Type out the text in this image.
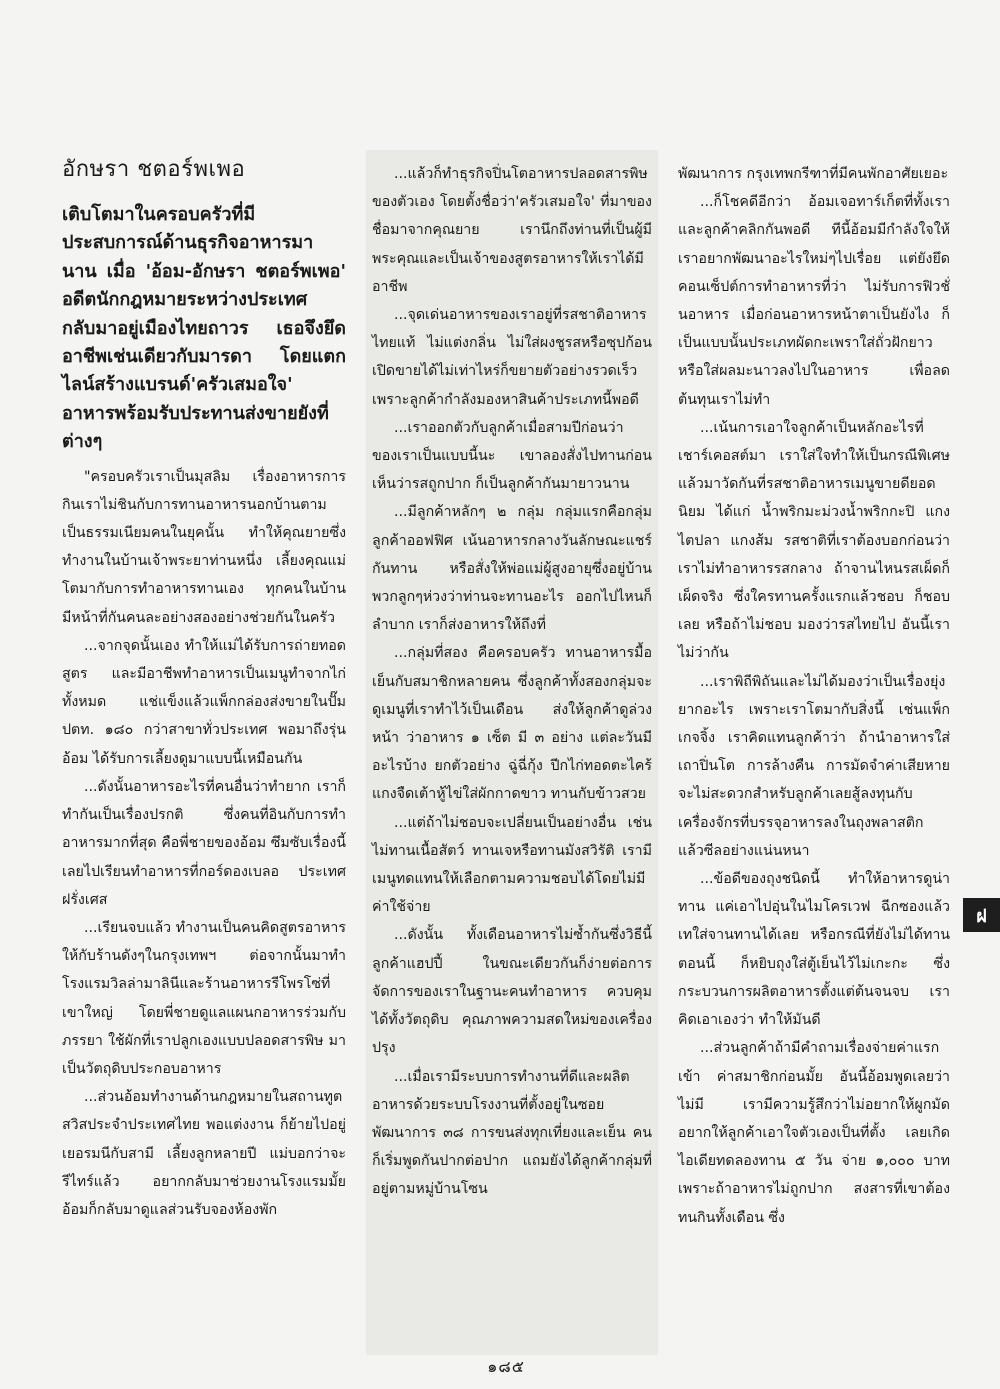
อักษรา ชตอร์พเพอ
เติบโตมาในครอบครัวที่มีประสบการณ์ด้านธุรกิจอาหารมานาน เมื่อ 'อ้อม-อักษรา ชตอร์พเพอ' อดีตนักกฎหมายระหว่างประเทศ กลับมาอยู่เมืองไทยถาวร เธอจึงยึดอาชีพเช่นเดียวกับมารดา โดยแตกไลน์สร้างแบรนด์'ครัวเสมอใจ' อาหารพร้อมรับประทานส่งขายยังที่ต่างๆ

"ครอบครัวเราเป็นมุสลิม เรื่องอาหารการกินเราไม่ชินกับการทานอาหารนอกบ้านตามเป็นธรรมเนียมคนในยุคนั้น ทำให้คุณยายซึ่งทำงานในบ้านเจ้าพระยาท่านหนึ่ง เลี้ยงคุณแม่โตมากับการทำอาหารทานเอง ทุกคนในบ้านมีหน้าที่กันคนละอย่างสองอย่างช่วยกันในครัว

...จากจุดนั้นเอง ทำให้แม่ได้รับการถ่ายทอดสูตร และมีอาชีพทำอาหารเป็นเมนูทำจากไก่ทั้งหมด แช่แข็งแล้วแพ็กกล่องส่งขายในปั๊มปตท. ๑๘๐ กว่าสาขาทั่วประเทศ พอมาถึงรุ่นอ้อม ได้รับการเลี้ยงดูมาแบบนี้เหมือนกัน

...ดังนั้นอาหารอะไรที่คนอื่นว่าทำยาก เราก็ทำกันเป็นเรื่องปรกติ ซึ่งคนที่อินกับการทำอาหารมากที่สุด คือพี่ชายของอ้อม ซึมซับเรื่องนี้ เลยไปเรียนทำอาหารที่กอร์ดองเบลอ ประเทศฝรั่งเศส

...เรียนจบแล้ว ทำงานเป็นคนคิดสูตรอาหารให้กับร้านดังๆในกรุงเทพฯ ต่อจากนั้นมาทำโรงแรมวิลล่ามาลินีและร้านอาหารรีโพรโซ่ที่เขาใหญ่ โดยพี่ชายดูแลแผนกอาหารร่วมกับภรรยา ใช้ผักที่เราปลูกเองแบบปลอดสารพิษ มาเป็นวัตถุดิบประกอบอาหาร

...ส่วนอ้อมทำงานด้านกฎหมายในสถานทูตสวิสประจำประเทศไทย พอแต่งงาน ก็ย้ายไปอยู่เยอรมนีกับสามี เลี้ยงลูกหลายปี แม่บอกว่าจะรีไทร์แล้ว อยากกลับมาช่วยงานโรงแรมมั้ย อ้อมก็กลับมาดูแลส่วนรับจองห้องพัก

...แล้วก็ทำธุรกิจปิ่นโตอาหารปลอดสารพิษของตัวเอง โดยตั้งชื่อว่า'ครัวเสมอใจ' ที่มาของชื่อมาจากคุณยาย เรานึกถึงท่านที่เป็นผู้มีพระคุณและเป็นเจ้าของสูตรอาหารให้เราได้มีอาชีพ

...จุดเด่นอาหารของเราอยู่ที่รสชาติอาหารไทยแท้ ไม่แต่งกลิ่น ไม่ใส่ผงชูรสหรือซุปก้อน เปิดขายได้ไม่เท่าไหร่ก็ขยายตัวอย่างรวดเร็ว เพราะลูกค้ากำลังมองหาสินค้าประเภทนี้พอดี

...เราออกตัวกับลูกค้าเมื่อสามปีก่อนว่า ของเราเป็นแบบนี้นะ เขาลองสั่งไปทานก่อน เห็นว่ารสถูกปาก ก็เป็นลูกค้ากันมายาวนาน

...มีลูกค้าหลักๆ ๒ กลุ่ม กลุ่มแรกคือกลุ่มลูกค้าออฟฟิศ เน้นอาหารกลางวันลักษณะแชร์กันทาน หรือสั่งให้พ่อแม่ผู้สูงอายุซึ่งอยู่บ้าน พวกลูกๆห่วงว่าท่านจะทานอะไร ออกไปไหนก็ลำบาก เราก็ส่งอาหารให้ถึงที่

...กลุ่มที่สอง คือครอบครัว ทานอาหารมื้อเย็นกับสมาชิกหลายคน ซึ่งลูกค้าทั้งสองกลุ่มจะดูเมนูที่เราทำไว้เป็นเดือน ส่งให้ลูกค้าดูล่วงหน้า ว่าอาหาร ๑ เซ็ต มี ๓ อย่าง แต่ละวันมีอะไรบ้าง ยกตัวอย่าง ฉู่ฉี่กุ้ง ปีกไก่ทอดตะไคร้ แกงจืดเต้าหู้ไข่ใส่ผักกาดขาว ทานกับข้าวสวย

...แต่ถ้าไม่ชอบจะเปลี่ยนเป็นอย่างอื่น เช่นไม่ทานเนื้อสัตว์ ทานเจหรือทานมังสวิรัติ เรามีเมนูทดแทนให้เลือกตามความชอบได้โดยไม่มีค่าใช้จ่าย

...ดังนั้น ทั้งเดือนอาหารไม่ซ้ำกันซึ่งวิธีนี้ลูกค้าแฮปปี้ ในขณะเดียวกันก็ง่ายต่อการจัดการของเราในฐานะคนทำอาหาร ควบคุมได้ทั้งวัตถุดิบ คุณภาพความสดใหม่ของเครื่องปรุง

...เมื่อเรามีระบบการทำงานที่ดีและผลิตอาหารด้วยระบบโรงงานที่ตั้งอยู่ในซอยพัฒนาการ ๓๘ การขนส่งทุกเที่ยงและเย็น คนก็เริ่มพูดกันปากต่อปาก แถมยังได้ลูกค้ากลุ่มที่อยู่ตามหมู่บ้านโซน

พัฒนาการ กรุงเทพกรีฑาที่มีคนพักอาศัยเยอะ

...ก็โชคดีอีกว่า อ้อมเจอทาร์เก็ตที่ทั้งเราและลูกค้าคลิกกันพอดี ทีนี้อ้อมมีกำลังใจให้เราอยากพัฒนาอะไรใหม่ๆไปเรื่อย แต่ยังยึดคอนเซ็ปต์การทำอาหารที่ว่า ไม่รับการฟิวชั่นอาหาร เมื่อก่อนอาหารหน้าตาเป็นยังไง ก็เป็นแบบนั้นประเภทผัดกะเพราใส่ถั่วฝักยาว หรือใส่ผลมะนาวลงไปในอาหาร เพื่อลดต้นทุนเราไม่ทำ

...เน้นการเอาใจลูกค้าเป็นหลักอะไรที่เชาร์เคอสต์มา เราใส่ใจทำให้เป็นกรณีพิเศษ แล้วมาวัดกันที่รสชาติอาหารเมนูขายดียอดนิยม ได้แก่ น้ำพริกมะม่วงน้ำพริกกะปิ แกงไตปลา แกงส้ม รสชาติที่เราต้องบอกก่อนว่า เราไม่ทำอาหารรสกลาง ถ้าจานไหนรสเผ็ดก็เผ็ดจริง ซึ่งใครทานครั้งแรกแล้วชอบ ก็ชอบเลย หรือถ้าไม่ชอบ มองว่ารสไทยไป อันนี้เราไม่ว่ากัน

...เราพิถีพิถันและไม่ได้มองว่าเป็นเรื่องยุ่งยากอะไร เพราะเราโตมากับสิ่งนี้ เช่นแพ็กเกจจิ้ง เราคิดแทนลูกค้าว่า ถ้านำอาหารใส่เถาปิ่นโต การล้างคืน การมัดจำค่าเสียหาย จะไม่สะดวกสำหรับลูกค้าเลยสู้ลงทุนกับเครื่องจักรที่บรรจุอาหารลงในถุงพลาสติก แล้วซีลอย่างแน่นหนา

...ข้อดีของถุงชนิดนี้ ทำให้อาหารดูน่าทาน แค่เอาไปอุ่นในไมโครเวฟ ฉีกซองแล้วเทใส่จานทานได้เลย หรือกรณีที่ยังไม่ได้ทานตอนนี้ ก็หยิบถุงใส่ตู้เย็นไว้ไม่เกะกะ ซึ่งกระบวนการผลิตอาหารตั้งแต่ต้นจนจบ เราคิดเอาเองว่า ทำให้มันดี

...ส่วนลูกค้าถ้ามีคำถามเรื่องจ่ายค่าแรกเข้า ค่าสมาชิกก่อนมั้ย อันนี้อ้อมพูดเลยว่า ไม่มี เรามีความรู้สึกว่าไม่อยากให้ผูกมัด อยากให้ลูกค้าเอาใจตัวเองเป็นที่ตั้ง เลยเกิดไอเดียทดลองทาน ๕ วัน จ่าย ๑,๐๐๐ บาท เพราะถ้าอาหารไม่ถูกปาก สงสารที่เขาต้องทนกินทั้งเดือน ซึ่ง

ฝ
๑๘๕
